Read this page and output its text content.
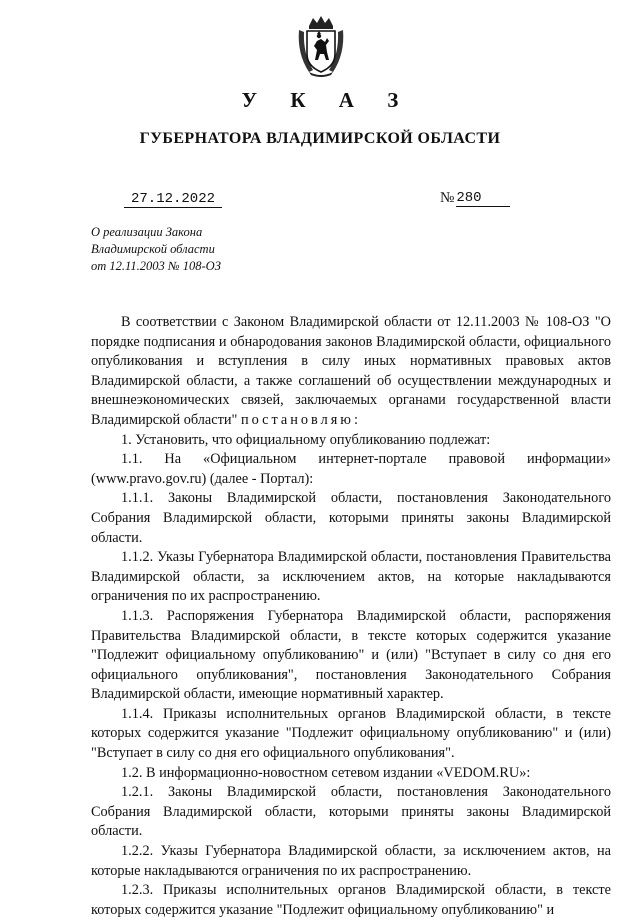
У К А З
ГУБЕРНАТОРА ВЛАДИМИРСКОЙ ОБЛАСТИ
27.12.2022	№ 280
О реализации Закона
Владимирской области
от 12.11.2003 № 108-ОЗ

В соответствии с Законом Владимирской области от 12.11.2003 № 108-ОЗ "О порядке подписания и обнародования законов Владимирской области, официального опубликования и вступления в силу иных нормативных правовых актов Владимирской области, а также соглашений об осуществлении международных и внешнеэкономических связей, заключаемых органами государственной власти Владимирской области" постановляю:

1. Установить, что официальному опубликованию подлежат:

1.1. На «Официальном интернет-портале правовой информации» (www.pravo.gov.ru) (далее - Портал):

1.1.1. Законы Владимирской области, постановления Законодательного Собрания Владимирской области, которыми приняты законы Владимирской области.

1.1.2. Указы Губернатора Владимирской области, постановления Правительства Владимирской области, за исключением актов, на которые накладываются ограничения по их распространению.

1.1.3. Распоряжения Губернатора Владимирской области, распоряжения Правительства Владимирской области, в тексте которых содержится указание "Подлежит официальному опубликованию" и (или) "Вступает в силу со дня его официального опубликования", постановления Законодательного Собрания Владимирской области, имеющие нормативный характер.

1.1.4. Приказы исполнительных органов Владимирской области, в тексте которых содержится указание "Подлежит официальному опубликованию" и (или) "Вступает в силу со дня его официального опубликования".

1.2. В информационно-новостном сетевом издании «VEDOM.RU»:

1.2.1. Законы Владимирской области, постановления Законодательного Собрания Владимирской области, которыми приняты законы Владимирской области.

1.2.2. Указы Губернатора Владимирской области, за исключением актов, на которые накладываются ограничения по их распространению.

1.2.3. Приказы исполнительных органов Владимирской области, в тексте которых содержится указание "Подлежит официальному опубликованию" и
